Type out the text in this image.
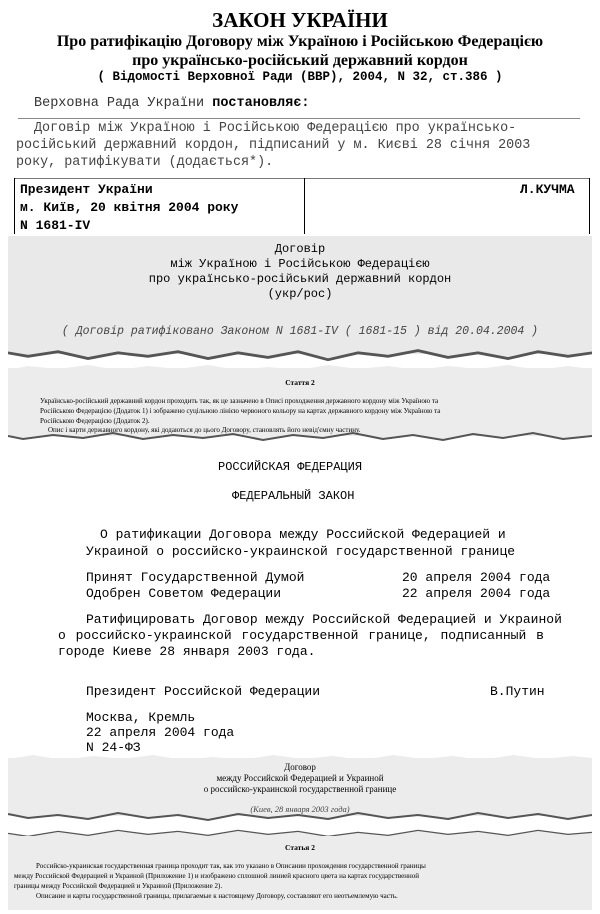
ЗАКОН УКРАЇНИ
Про ратифікацію Договору між Україною і Російською Федерацією
про українсько-російський державний кордон
( Відомості Верховної Ради (ВВР), 2004, N 32, ст.386 )
Верховна Рада України постановляє:
Договір між Україною і Російською Федерацією про українсько-
російський державний кордон, підписаний у м. Києві 28 січня 2003
року, ратифікувати (додається*).
Президент України
м. Київ, 20 квітня 2004 року
N 1681-IV
Л.КУЧМА
Договір
між Україною і Російською Федерацією
про українсько-російський державний кордон
(укр/рос)
( Договір ратифіковано Законом N 1681-IV ( 1681-15 ) від 20.04.2004 )
Стаття 2
Українсько-російський державний кордон проходить так, як це зазначено в Описі проходження державного кордону між Україною та
Російською Федерацією (Додаток 1) і зображено суцільною лінією червоного кольору на картах державного кордону між Україною та
Російською Федерацією (Додаток 2).
Опис і карти державного кордону, які додаються до цього Договору, становлять його невід'ємну частину.
РОССИЙСКАЯ ФЕДЕРАЦИЯ
ФЕДЕРАЛЬНЫЙ ЗАКОН
О ратификации Договора между Российской Федерацией и
Украиной о российско-украинской государственной границе
Принят Государственной Думой	20 апреля 2004 года
Одобрен Советом Федерации	22 апреля 2004 года
Ратифицировать Договор между Российской Федерацией и Украиной
о российско-украинской государственной границе, подписанный в
городе Киеве 28 января 2003 года.
Президент Российской Федерации	В.Путин
Москва, Кремль
22 апреля 2004 года
N 24-ФЗ
Договор
между Российской Федерацией и Украиной
о российско-украинской государственной границе
(Киев, 28 января 2003 года)
Статья 2
Российско-украинская государственная граница проходит так, как это указано в Описании прохождения государственной границы
между Российской Федерацией и Украиной (Приложение 1) и изображено сплошной линией красного цвета на картах государственной
границы между Российской Федерацией и Украиной (Приложение 2).
Описание и карты государственной границы, прилагаемые к настоящему Договору, составляют его неотъемлемую часть.
